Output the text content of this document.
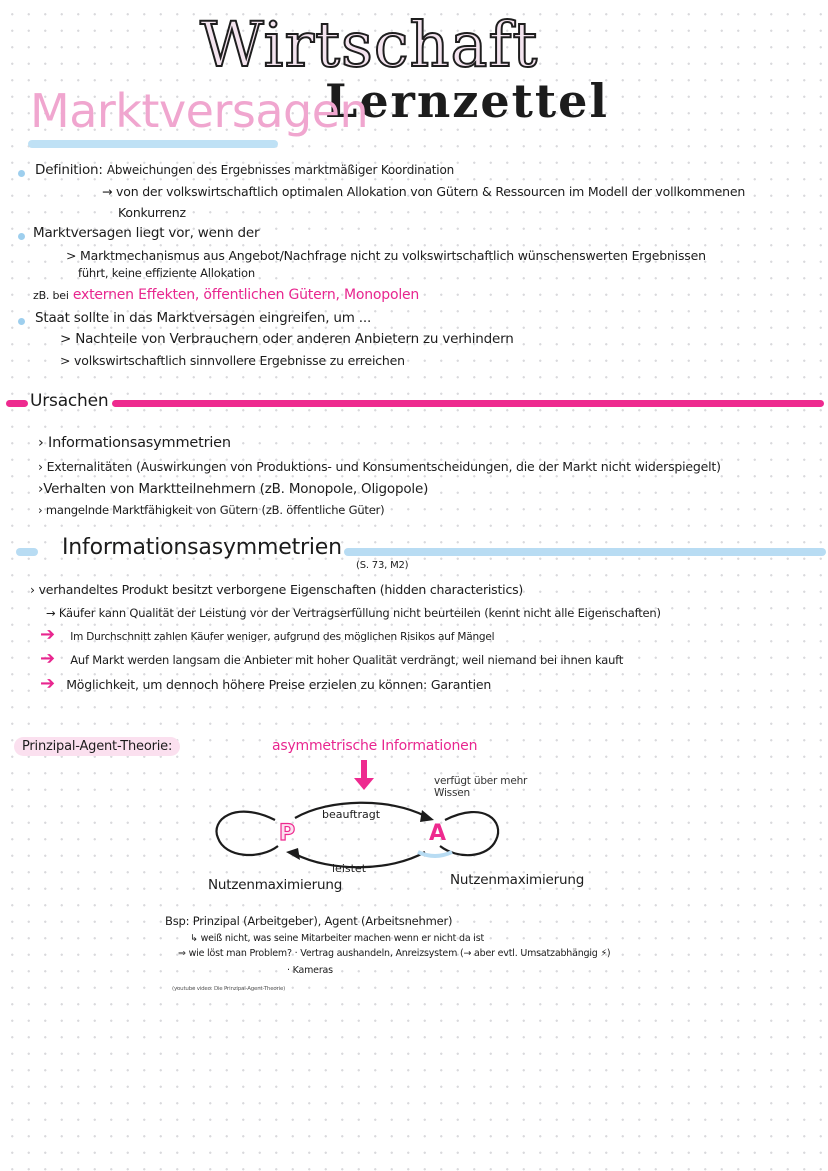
Wirtschaft
Lernzettel
Marktversagen
Definition: Abweichungen des Ergebnisses marktmäßiger Koordination
→ von der volkswirtschaftlich optimalen Allokation von Gütern & Ressourcen im Modell der vollkommenen
Konkurrenz
Marktversagen liegt vor, wenn der
> Marktmechanismus aus Angebot/Nachfrage nicht zu volkswirtschaftlich wünschenswerten Ergebnissen
führt, keine effiziente Allokation
zB. bei externen Effekten, öffentlichen Gütern, Monopolen
Staat sollte in das Marktversagen eingreifen, um ...
> Nachteile von Verbrauchern oder anderen Anbietern zu verhindern
> volkswirtschaftlich sinnvollere Ergebnisse zu erreichen
Ursachen
› Informationsasymmetrien
› Externalitäten (Auswirkungen von Produktions- und Konsumentscheidungen, die der Markt nicht widerspiegelt)
›Verhalten von Marktteilnehmern (zB. Monopole, Oligopole)
› mangelnde Marktfähigkeit von Gütern (zB. öffentliche Güter)
Informationsasymmetrien
(S. 73, M2)
› verhandeltes Produkt besitzt verborgene Eigenschaften (hidden characteristics)
→ Käufer kann Qualität der Leistung vor der Vertragserfüllung nicht beurteilen (kennt nicht alle Eigenschaften)
➔ Im Durchschnitt zahlen Käufer weniger, aufgrund des möglichen Risikos auf Mängel
➔ Auf Markt werden langsam die Anbieter mit hoher Qualität verdrängt, weil niemand bei ihnen kauft
➔ Möglichkeit, um dennoch höhere Preise erzielen zu können: Garantien
Prinzipal-Agent-Theorie:	asymmetrische Informationen
P	A
beauftragt
leistet
verfügt über mehr Wissen
Nutzenmaximierung	Nutzenmaximierung
Bsp: Prinzipal (Arbeitgeber), Agent (Arbeitsnehmer)
↳ weiß nicht, was seine Mitarbeiter machen wenn er nicht da ist
⇒ wie löst man Problem? · Vertrag aushandeln, Anreizsystem (→ aber evtl. Umsatzabhängig ⚡)
· Kameras
(youtube video: Die Prinzipal-Agent-Theorie)
